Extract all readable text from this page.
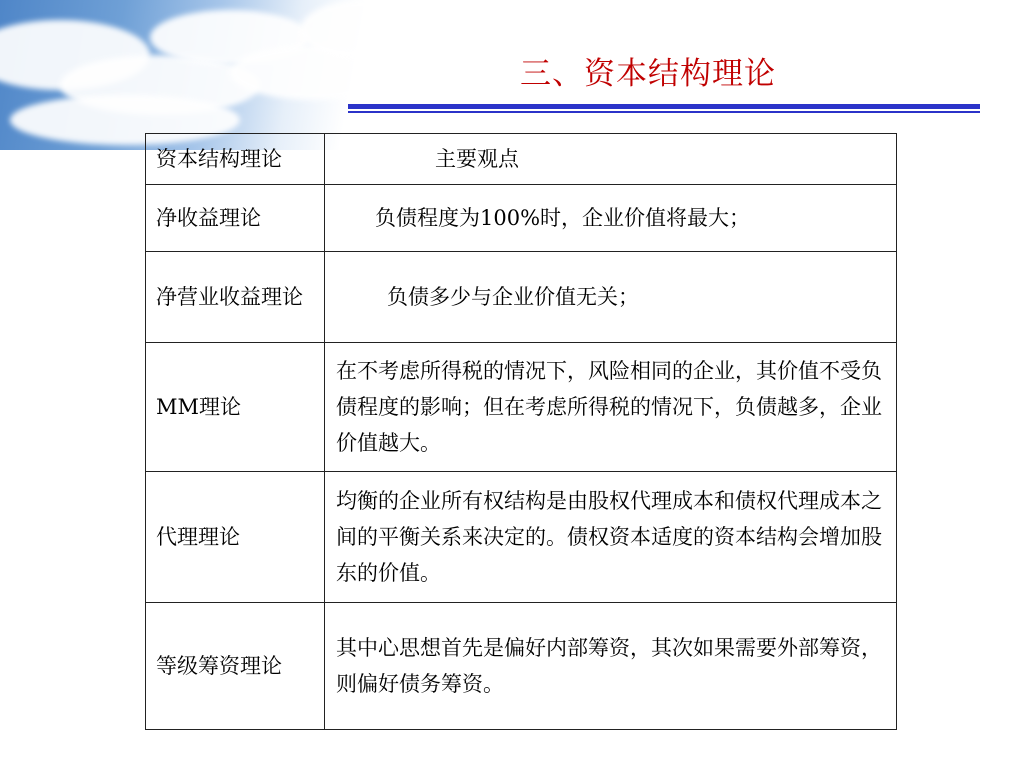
三、资本结构理论
资本结构理论	主要观点
净收益理论	负债程度为100%时，企业价值将最大；
净营业收益理论	负债多少与企业价值无关；
MM理论	在不考虑所得税的情况下，风险相同的企业，其价值不受负债程度的影响；但在考虑所得税的情况下，负债越多，企业价值越大。
代理理论	均衡的企业所有权结构是由股权代理成本和债权代理成本之间的平衡关系来决定的。债权资本适度的资本结构会增加股东的价值。
等级筹资理论	其中心思想首先是偏好内部筹资，其次如果需要外部筹资，则偏好债务筹资。
